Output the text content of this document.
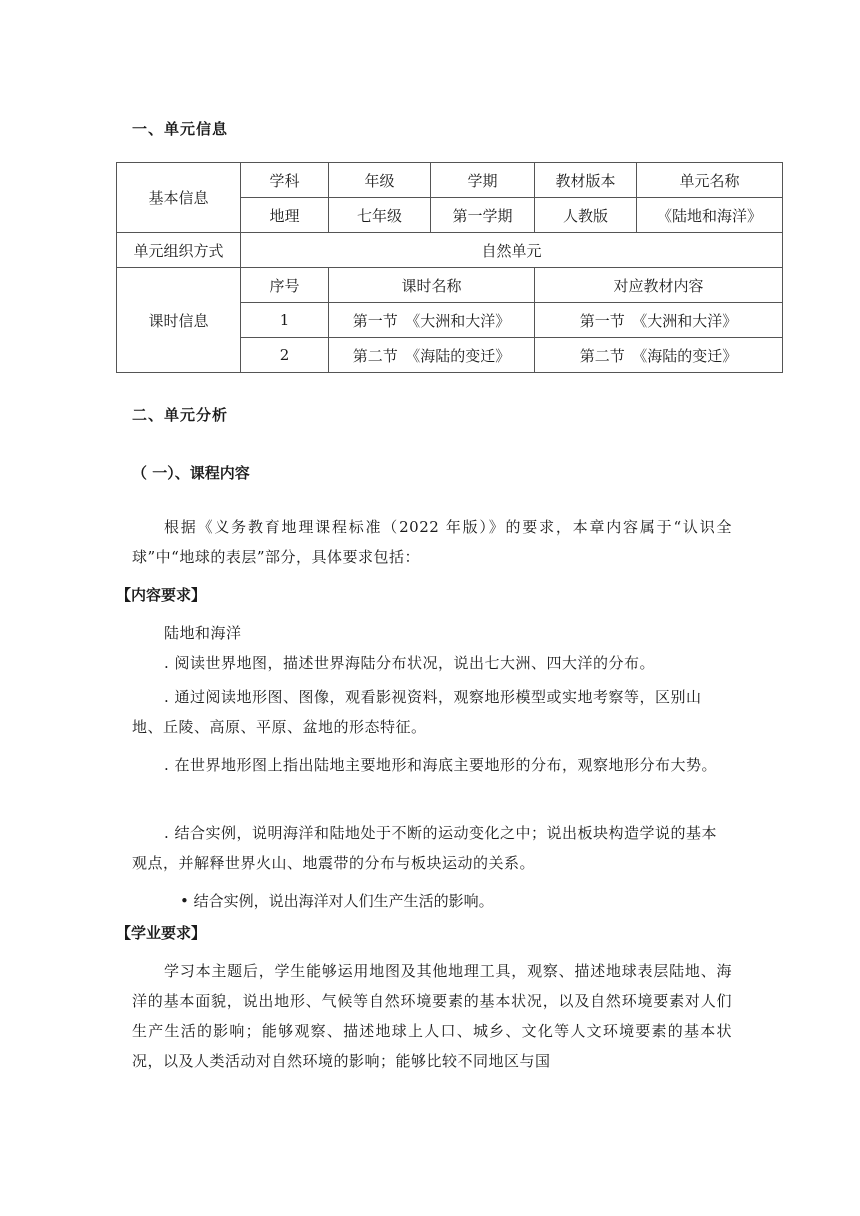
一、单元信息
基本信息	学科	年级	学期	教材版本	单元名称
	地理	七年级	第一学期	人教版	《陆地和海洋》
单元组织方式	自然单元				
课时信息	序号	课时名称		对应教材内容	
	1	第一节　《大洲和大洋》		第一节　《大洲和大洋》	
	2	第二节　《海陆的变迁》		第二节　《海陆的变迁》	
二、单元分析
（ 一）、课程内容
根据《义务教育地理课程标准（2022 年版）》的要求，本章内容属于“认识全球”中“地球的表层”部分，具体要求包括：
【内容要求】
陆地和海洋
. 阅读世界地图，描述世界海陆分布状况，说出七大洲、四大洋的分布。
. 通过阅读地形图、图像，观看影视资料，观察地形模型或实地考察等，区别山地、丘陵、高原、平原、盆地的形态特征。
. 在世界地形图上指出陆地主要地形和海底主要地形的分布，观察地形分布大势。
. 结合实例，说明海洋和陆地处于不断的运动变化之中；说出板块构造学说的基本观点，并解释世界火山、地震带的分布与板块运动的关系。
• 结合实例，说出海洋对人们生产生活的影响。
【学业要求】
学习本主题后，学生能够运用地图及其他地理工具，观察、描述地球表层陆地、海洋的基本面貌，说出地形、气候等自然环境要素的基本状况，以及自然环境要素对人们生产生活的影响；能够观察、描述地球上人口、城乡、文化等人文环境要素的基本状况，以及人类活动对自然环境的影响；能够比较不同地区与国
